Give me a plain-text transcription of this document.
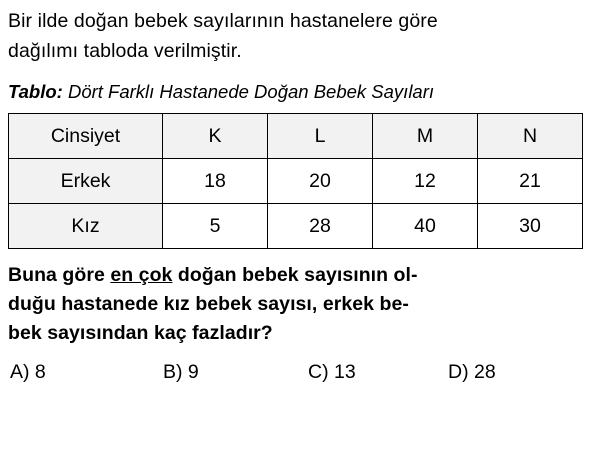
Bir ilde doğan bebek sayılarının hastanelere göre
dağılımı tabloda verilmiştir.
Tablo: Dört Farklı Hastanede Doğan Bebek Sayıları
Cinsiyet	K	L	M	N
Erkek	18	20	12	21
Kız	5	28	40	30
Buna göre en çok doğan bebek sayısının ol-
duğu hastanede kız bebek sayısı, erkek be-
bek sayısından kaç fazladır?
A) 8	B) 9	C) 13	D) 28
